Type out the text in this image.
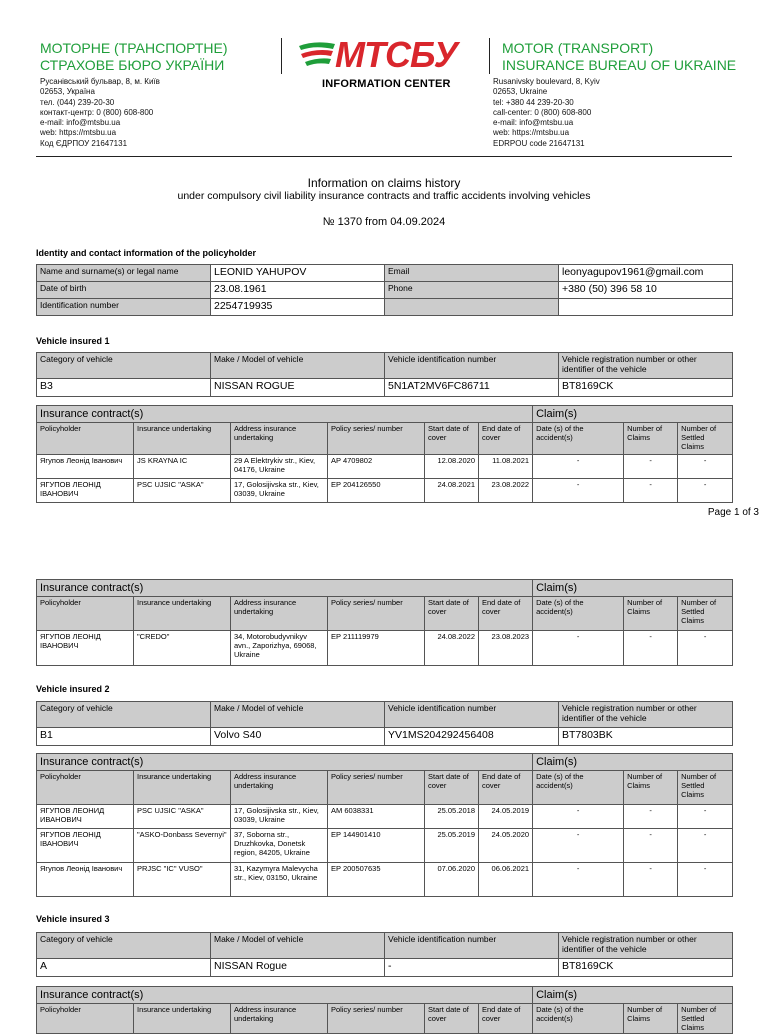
МОТОРНЕ (ТРАНСПОРТНЕ)
СТРАХОВЕ БЮРО УКРАЇНИ
Русанівський бульвар, 8, м. Київ
02653, Україна
тел. (044) 239-20-30
контакт-центр: 0 (800) 608-800
e-mail: info@mtsbu.ua
web: https://mtsbu.ua
Код ЄДРПОУ 21647131
МТСБУ
INFORMATION CENTER
MOTOR (TRANSPORT)
INSURANCE BUREAU OF UKRAINE
Rusanivsky boulevard, 8, Kyiv
02653, Ukraine
tel: +380 44 239-20-30
call-center: 0 (800) 608-800
e-mail: info@mtsbu.ua
web: https://mtsbu.ua
EDRPOU code 21647131
Information on claims history
under compulsory civil liability insurance contracts and traffic accidents involving vehicles
№ 1370 from 04.09.2024
Identity and contact information of the policyholder
Name and surname(s) or legal name	LEONID YAHUPOV	Email	leonyagupov1961@gmail.com
Date of birth	23.08.1961	Phone	+380 (50) 396 58 10
Identification number	2254719935		
Vehicle insured 1
Category of vehicle	Make / Model of vehicle	Vehicle identification number	Vehicle registration number or other identifier of the vehicle
B3	NISSAN ROGUE	5N1AT2MV6FC86711	BT8169CK
Insurance contract(s)						Claim(s)		
Policyholder	Insurance undertaking	Address insurance undertaking	Policy series/ number	Start date of cover	End date of cover	Date (s) of the accident(s)	Number of Claims	Number of Settled Claims
Ягупов Леонід Іванович	JS KRAYNA IC	29 A Elektrykiv str., Kiev, 04176, Ukraine	AP 4709802	12.08.2020	11.08.2021	-	-	-
ЯГУПОВ ЛЕОНІД ІВАНОВИЧ	PSC UJSIC "ASKA"	17, Golosijivska str., Kiev, 03039, Ukraine	EP 204126550	24.08.2021	23.08.2022	-	-	-
Page 1 of 3
Insurance contract(s)						Claim(s)		
Policyholder	Insurance undertaking	Address insurance undertaking	Policy series/ number	Start date of cover	End date of cover	Date (s) of the accident(s)	Number of Claims	Number of Settled Claims
ЯГУПОВ ЛЕОНІД ІВАНОВИЧ	"CREDO"	34, Motorobudyvnikyv avn., Zaporizhya, 69068, Ukraine	EP 211119979	24.08.2022	23.08.2023	-	-	-
Vehicle insured 2
Category of vehicle	Make / Model of vehicle	Vehicle identification number	Vehicle registration number or other identifier of the vehicle
B1	Volvo S40	YV1MS204292456408	BT7803BK
Insurance contract(s)						Claim(s)		
Policyholder	Insurance undertaking	Address insurance undertaking	Policy series/ number	Start date of cover	End date of cover	Date (s) of the accident(s)	Number of Claims	Number of Settled Claims
ЯГУПОВ ЛЕОНИД ИВАНОВИЧ	PSC UJSIC "ASKA"	17, Golosijivska str., Kiev, 03039, Ukraine	AM 6038331	25.05.2018	24.05.2019	-	-	-
ЯГУПОВ ЛЕОНІД ІВАНОВИЧ	"ASKO-Donbass Severnyi"	37, Soborna str., Druzhkovka, Donetsk region, 84205, Ukraine	EP 144901410	25.05.2019	24.05.2020	-	-	-
Ягупов Леонід Іванович	PRJSC "IC" VUSO"	31, Kazymyra Malevycha str., Kiev, 03150, Ukraine	EP 200507635	07.06.2020	06.06.2021	-	-	-
Vehicle insured 3
Category of vehicle	Make / Model of vehicle	Vehicle identification number	Vehicle registration number or other identifier of the vehicle
A	NISSAN Rogue	-	BT8169CK
Insurance contract(s)						Claim(s)		
Policyholder	Insurance undertaking	Address insurance undertaking	Policy series/ number	Start date of cover	End date of cover	Date (s) of the accident(s)	Number of Claims	Number of Settled Claims
